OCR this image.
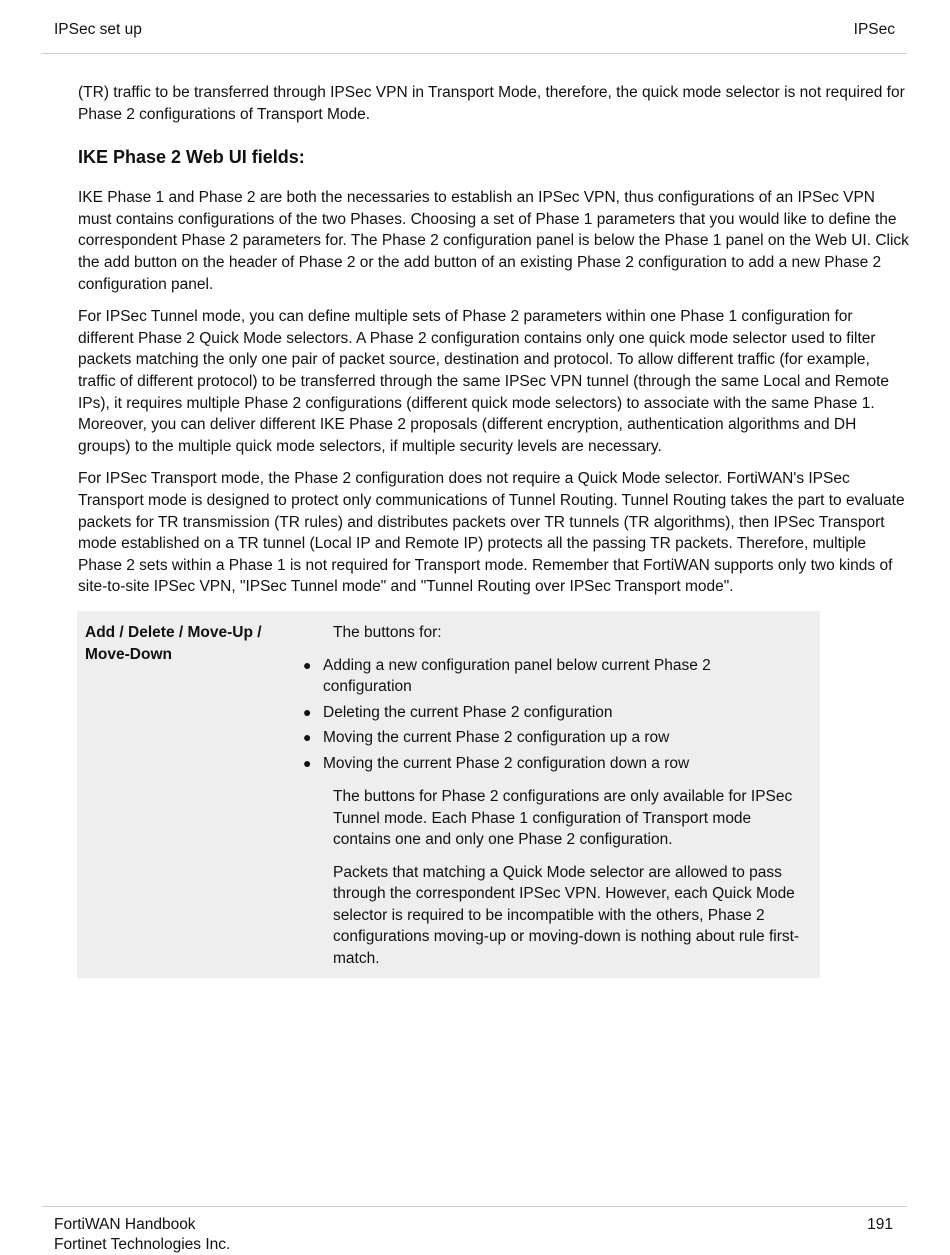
IPSec set up	IPSec

(TR) traffic to be transferred through IPSec VPN in Transport Mode, therefore, the quick mode selector is not required for Phase 2 configurations of Transport Mode.

IKE Phase 2 Web UI fields:

IKE Phase 1 and Phase 2 are both the necessaries to establish an IPSec VPN, thus configurations of an IPSec VPN must contains configurations of the two Phases. Choosing a set of Phase 1 parameters that you would like to define the correspondent Phase 2 parameters for. The Phase 2 configuration panel is below the Phase 1 panel on the Web UI. Click the add button on the header of Phase 2 or the add button of an existing Phase 2 configuration to add a new Phase 2 configuration panel.

For IPSec Tunnel mode, you can define multiple sets of Phase 2 parameters within one Phase 1 configuration for different Phase 2 Quick Mode selectors. A Phase 2 configuration contains only one quick mode selector used to filter packets matching the only one pair of packet source, destination and protocol. To allow different traffic (for example, traffic of different protocol) to be transferred through the same IPSec VPN tunnel (through the same Local and Remote IPs), it requires multiple Phase 2 configurations (different quick mode selectors) to associate with the same Phase 1. Moreover, you can deliver different IKE Phase 2 proposals (different encryption, authentication algorithms and DH groups) to the multiple quick mode selectors, if multiple security levels are necessary.

For IPSec Transport mode, the Phase 2 configuration does not require a Quick Mode selector. FortiWAN's IPSec Transport mode is designed to protect only communications of Tunnel Routing. Tunnel Routing takes the part to evaluate packets for TR transmission (TR rules) and distributes packets over TR tunnels (TR algorithms), then IPSec Transport mode established on a TR tunnel (Local IP and Remote IP) protects all the passing TR packets. Therefore, multiple Phase 2 sets within a Phase 1 is not required for Transport mode. Remember that FortiWAN supports only two kinds of site-to-site IPSec VPN, "IPSec Tunnel mode" and "Tunnel Routing over IPSec Transport mode".

Add / Delete / Move-Up / Move-Down

The buttons for:

● Adding a new configuration panel below current Phase 2 configuration
● Deleting the current Phase 2 configuration
● Moving the current Phase 2 configuration up a row
● Moving the current Phase 2 configuration down a row

The buttons for Phase 2 configurations are only available for IPSec Tunnel mode. Each Phase 1 configuration of Transport mode contains one and only one Phase 2 configuration.

Packets that matching a Quick Mode selector are allowed to pass through the correspondent IPSec VPN. However, each Quick Mode selector is required to be incompatible with the others, Phase 2 configurations moving-up or moving-down is nothing about rule first-match.

FortiWAN Handbook
Fortinet Technologies Inc.
191
